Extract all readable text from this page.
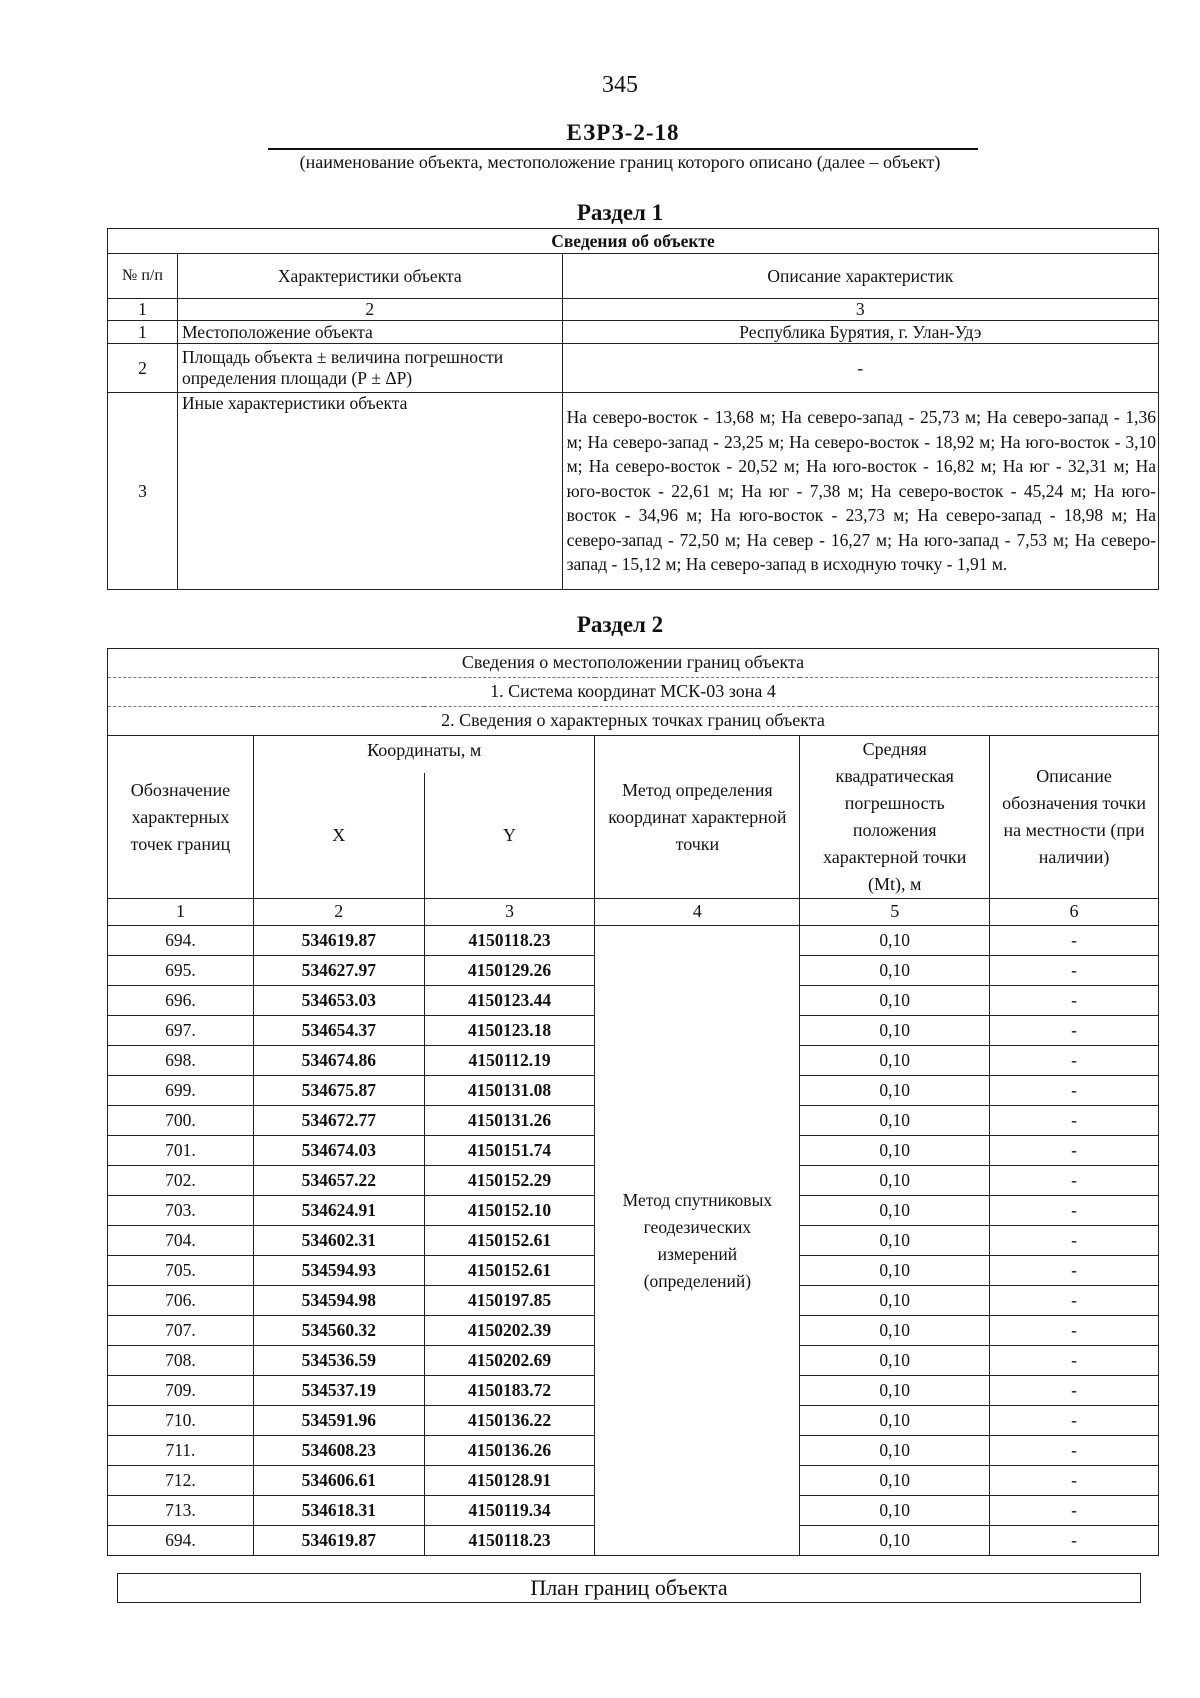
345
ЕЗРЗ-2-18
(наименование объекта, местоположение границ которого описано (далее – объект)
Раздел 1
Сведения об объекте		
№ п/п	Характеристики объекта	Описание характеристик
1	2	3
1	Местоположение объекта	Республика Бурятия, г. Улан-Удэ
2	Площадь объекта ± величина погрешности определения площади (Р ± ΔР)	-
3	Иные характеристики объекта	На северо-восток - 13,68 м; На северо-запад - 25,73 м; На северо-запад - 1,36 м; На северо-запад - 23,25 м; На северо-восток - 18,92 м; На юго-восток - 3,10 м; На северо-восток - 20,52 м; На юго-восток - 16,82 м; На юг - 32,31 м; На юго-восток - 22,61 м; На юг - 7,38 м; На северо-восток - 45,24 м; На юго-восток - 34,96 м; На юго-восток - 23,73 м; На северо-запад - 18,98 м; На северо-запад - 72,50 м; На север - 16,27 м; На юго-запад - 7,53 м; На северо-запад - 15,12 м; На северо-запад в исходную точку - 1,91 м.
Раздел 2
Сведения о местоположении границ объекта					
1. Система координат МСК-03 зона 4					
2. Сведения о характерных точках границ объекта					
Обозначение характерных точек границ	Координаты, м		Метод определения координат характерной точки	Средняя квадратическая погрешность положения характерной точки (Mt), м	Описание обозначения точки на местности (при наличии)
	X	Y			
1	2	3	4	5	6
694.	534619.87	4150118.23	Метод спутниковых геодезических измерений (определений)	0,10	-
695.	534627.97	4150129.26		0,10	-
696.	534653.03	4150123.44		0,10	-
697.	534654.37	4150123.18		0,10	-
698.	534674.86	4150112.19		0,10	-
699.	534675.87	4150131.08		0,10	-
700.	534672.77	4150131.26		0,10	-
701.	534674.03	4150151.74		0,10	-
702.	534657.22	4150152.29		0,10	-
703.	534624.91	4150152.10		0,10	-
704.	534602.31	4150152.61		0,10	-
705.	534594.93	4150152.61		0,10	-
706.	534594.98	4150197.85		0,10	-
707.	534560.32	4150202.39		0,10	-
708.	534536.59	4150202.69		0,10	-
709.	534537.19	4150183.72		0,10	-
710.	534591.96	4150136.22		0,10	-
711.	534608.23	4150136.26		0,10	-
712.	534606.61	4150128.91		0,10	-
713.	534618.31	4150119.34		0,10	-
694.	534619.87	4150118.23		0,10	-
План границ объекта
